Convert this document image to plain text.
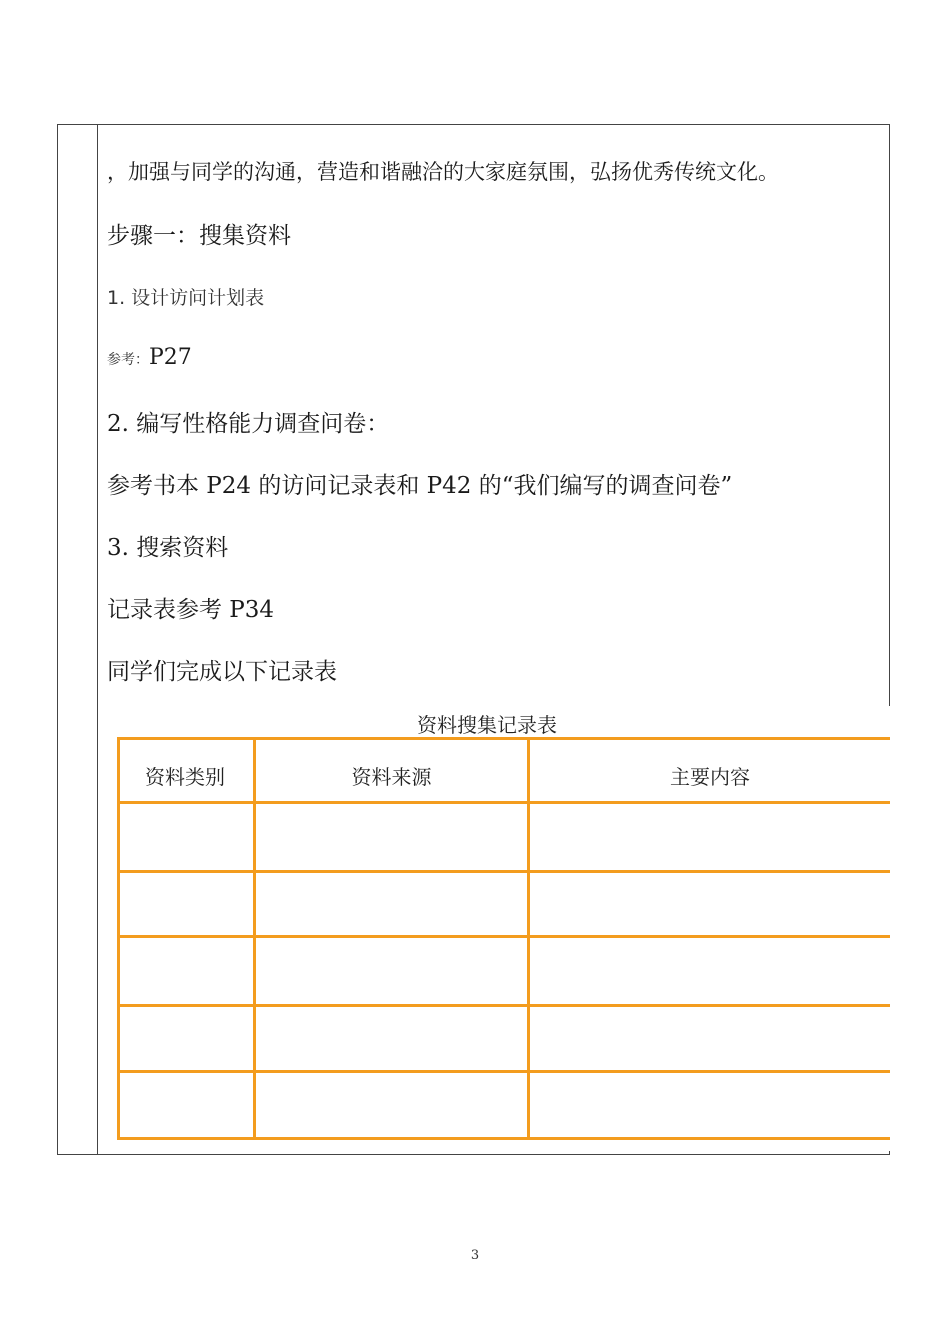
，加强与同学的沟通，营造和谐融洽的大家庭氛围，弘扬优秀传统文化。
步骤一：搜集资料
1. 设计访问计划表
参考：P27
2. 编写性格能力调查问卷：
参考书本 P24 的访问记录表和 P42 的“我们编写的调查问卷”
3. 搜索资料
记录表参考 P34
同学们完成以下记录表
资料搜集记录表
资料类别	资料来源	主要内容
3
